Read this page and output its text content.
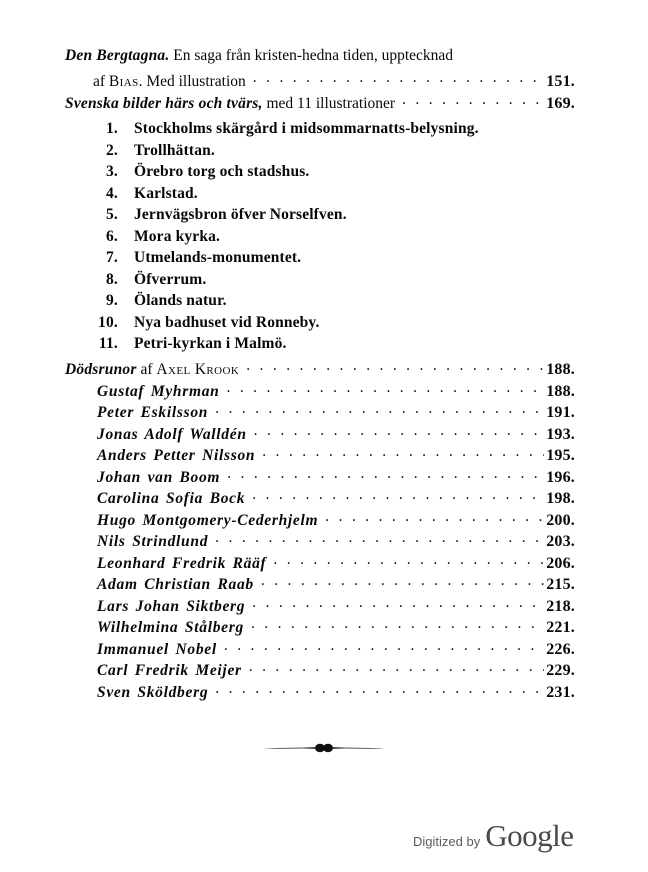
Den Bergtagna. En saga från kristen-hedna tiden, upptecknad
af Bias. Med illustration . . .	151.
Svenska bilder härs och tvärs, med 11 illustrationer . . .	169.
1.	Stockholms skärgård i midsommarnatts-belysning.
2.	Trollhättan.
3.	Örebro torg och stadshus.
4.	Karlstad.
5.	Jernvägsbron öfver Norselfven.
6.	Mora kyrka.
7.	Utmelands-monumentet.
8.	Öfverrum.
9.	Ölands natur.
10.	Nya badhuset vid Ronneby.
11.	Petri-kyrkan i Malmö.
Dödsrunor af Axel Krook . . .	188.
Gustaf Myhrman . . .	188.
Peter Eskilsson . . .	191.
Jonas Adolf Walldén . . .	193.
Anders Petter Nilsson . . .	195.
Johan van Boom . . .	196.
Carolina Sofia Bock . . .	198.
Hugo Montgomery-Cederhjelm . . .	200.
Nils Strindlund . . .	203.
Leonhard Fredrik Rääf . . .	206.
Adam Christian Raab . . .	215.
Lars Johan Siktberg . . .	218.
Wilhelmina Stålberg . . .	221.
Immanuel Nobel . . .	226.
Carl Fredrik Meijer . . .	229.
Sven Sköldberg . . .	231.
Digitized by Google
